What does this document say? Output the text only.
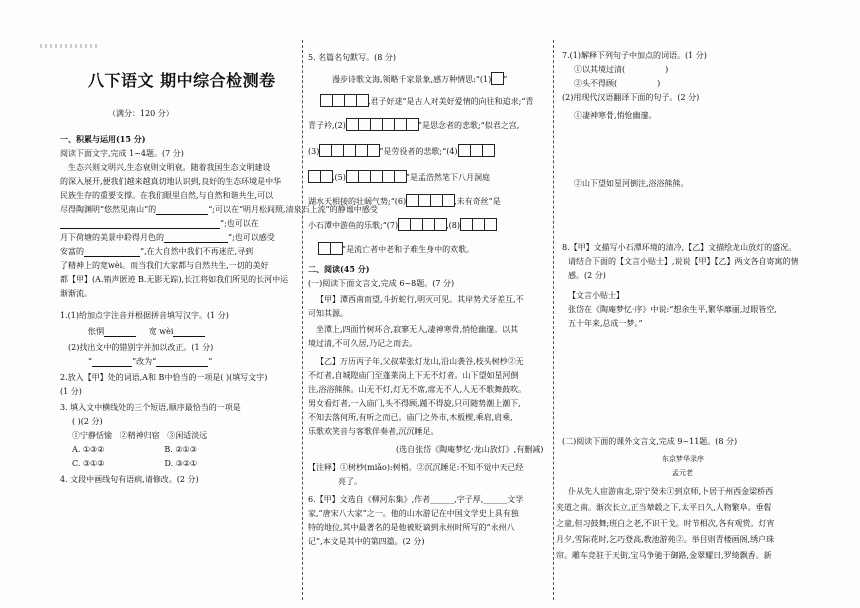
八下语文 期中综合检测卷
（满分：120 分）
一、积累与运用(15 分)
阅读下面文字,完成 1~4题。(7 分)
生态兴则文明兴,生态衰则文明衰。随着我国生态文明建设
的深入展开,便我们越来越真切地认识到,良好的生态环境是中华
民族生存的重要支撑。在我们眼里自然,与自然和谐共生,可以
尽得陶渊明“悠然见南山”的	“;可以在“明月松间照,清泉石上流”的静谧中感受
“;也可以在
月下荷塘的美景中聆得月色的	“;也可以感受
安富的	“,在大自然中我们不再迷茫,寻到
了精神上的宽wèi。而当我们大家都与自然共生,一切的美好
都【甲】(A.销声匿迹 B.无影无踪),长江将如我们所见的长河中运
渐渐流。
1.(1)给加点字注音并根据拼音填写汉字。(1 分)
怅惘	宽 wèi
(2)找出文中的错别字并加以改正。(1 分)
“	”改为“	”
2.放入【甲】处的词语,A和 B中恰当的一项是( )(填写文字)
(1 分)
3. 填入文中横线处的三个短语,顺序最恰当的一项是
( )(2 分)
①宁静恬愉 ②精神归宿 ③闲适淡远
A. ①③②	B. ②①③
C. ③①②	D. ③②①
4. 文段中画线句有语病,请修改。(2 分)
5. 名篇名句默写。(8 分)
漫步诗歌文海,领略千家景象,感万种情思:“(1) ”
,君子好逑”是古人对美好爱情的向往和追求;“青
青子衿,(2)	”是思念者的悲歌;“似君之宫,
(3)	”是劳役者的悲歌;“(4)
,(5)	”是孟浩然笔下八月洞庭
湖水天相接的壮阔气势;“(6)	,未有奇丝”是
小石潭中游鱼的乐歌;“(7)	,(8)
”是流亡者中老和子难生身中的欢歌。
二、阅读(45 分)
(一)阅读下面文言文,完成 6~8题。(7 分)
【甲】潭西南而望,斗折蛇行,明灭可见。其岸势犬牙差互,不
可知其源。
坐潭上,四面竹树环合,寂寥无人,凄神寒骨,悄怆幽邃。以其
境过清,不可久居,乃记之而去。
【乙】万历丙子年,父叔辈张灯龙山,沿山袭谷,枝头树杪②无
不灯者,自城隍庙门至蓬莱岗上下无不灯者。山下望如星河倒
注,浴浴熊熊。山无不灯,灯无不席,席无不人,人无不歌舞鼓吹。
男女看灯者,一入庙门,头不得顾,踵不得旋,只可随势潮上潮下,
不知去落何所,有听之而已。庙门之外市,木板楔,乘肩,肩乘,
乐歌欢笑音与客歌伴奏者,沉沉睡足。
(选自张岱《陶庵梦忆·龙山放灯》,有删减)
【注释】①树杪(miǎo):树梢。②沉沉睡足:不知不觉中天已经
亮了。
6.【甲】文选自《柳河东集》,作者______,字子厚,______文学
家,“唐宋八大家”之一。他的山水游记在中国文学史上具有独
特的地位,其中最著名的是他被贬谪到永州时所写的“永州八
记”,本文是其中的第四篇。(2 分)
7.(1)解释下列句子中加点的词语。(1 分)
①以其境过清(	)
②头不得顾(	)
(2)用现代汉语翻译下面的句子。(2 分)
①凄神寒骨,悄怆幽邃。
②山下望如星河倒注,浴浴熊熊。
8.【甲】文描写小石潭环境的清冷,【乙】文描绘龙山放灯的盛况。
请结合下面的【文言小贴士】,说说【甲】【乙】两文各自寄寓的情
感。(2 分)
【文言小贴士】
张岱在《陶庵梦忆·序》中说:“想余生平,繁华靡丽,过眼皆空,
五十年来,总成一梦。”
(二)阅读下面的课外文言文,完成 9~11题。(8 分)
东京梦华录序
孟元老
仆从先人宦游南北,崇宁癸未①到京师,卜居于州西金梁桥西
夹道之南。渐次长立,正当辇毂之下,太平日久,人物繁阜。垂髫
之童,但习鼓舞;班白之老,不识干戈。时节相次,各有观赏。灯宵
月夕,雪际花时,乞巧登高,教池游苑②。举目则青楼画阁,绣户珠
帘。雕车竞驻于天街,宝马争驰于御路,金翠耀日,罗绮飘香。新
